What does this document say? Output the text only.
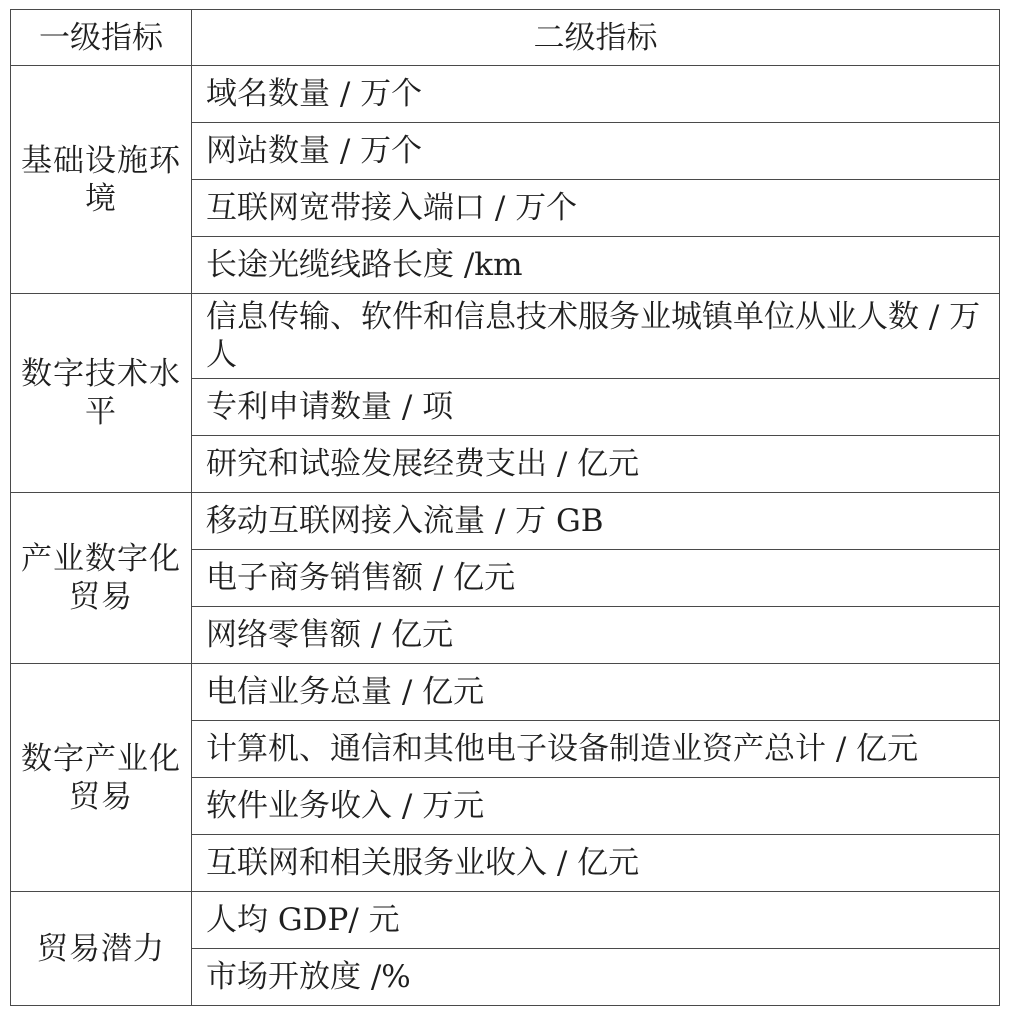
一级指标	二级指标
基础设施环境	域名数量 / 万个
	网站数量 / 万个
	互联网宽带接入端口 / 万个
	长途光缆线路长度 /km
数字技术水平	信息传输、软件和信息技术服务业城镇单位从业人数 / 万人
	专利申请数量 / 项
	研究和试验发展经费支出 / 亿元
产业数字化贸易	移动互联网接入流量 / 万 GB
	电子商务销售额 / 亿元
	网络零售额 / 亿元
数字产业化贸易	电信业务总量 / 亿元
	计算机、通信和其他电子设备制造业资产总计 / 亿元
	软件业务收入 / 万元
	互联网和相关服务业收入 / 亿元
贸易潜力	人均 GDP/ 元
	市场开放度 /%
